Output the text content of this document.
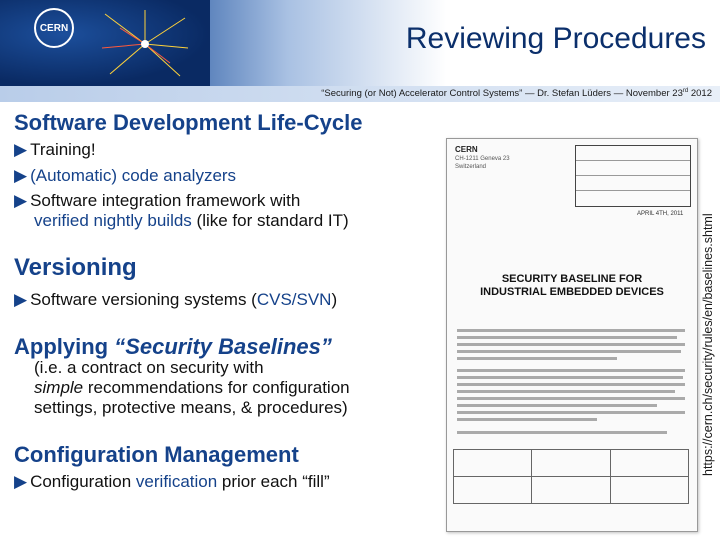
CERN	Reviewing Procedures
“Securing (or Not) Accelerator Control Systems” — Dr. Stefan Lüders — November 23rd 2012
Software Development Life-Cycle
▶ Training!
▶ (Automatic) code analyzers
▶ Software integration framework with
verified nightly builds (like for standard IT)
Versioning
▶ Software versioning systems (CVS/SVN)
Applying “Security Baselines”
(i.e. a contract on security with
simple recommendations for configuration
settings, protective means, & procedures)
Configuration Management
▶ Configuration verification prior each “fill”
CERN
CH-1211 Geneva 23
Switzerland
APRIL 4TH, 2011
SECURITY BASELINE FOR
INDUSTRIAL EMBEDDED DEVICES

			https://cern.ch/security/rules/en/baselines.shtml
